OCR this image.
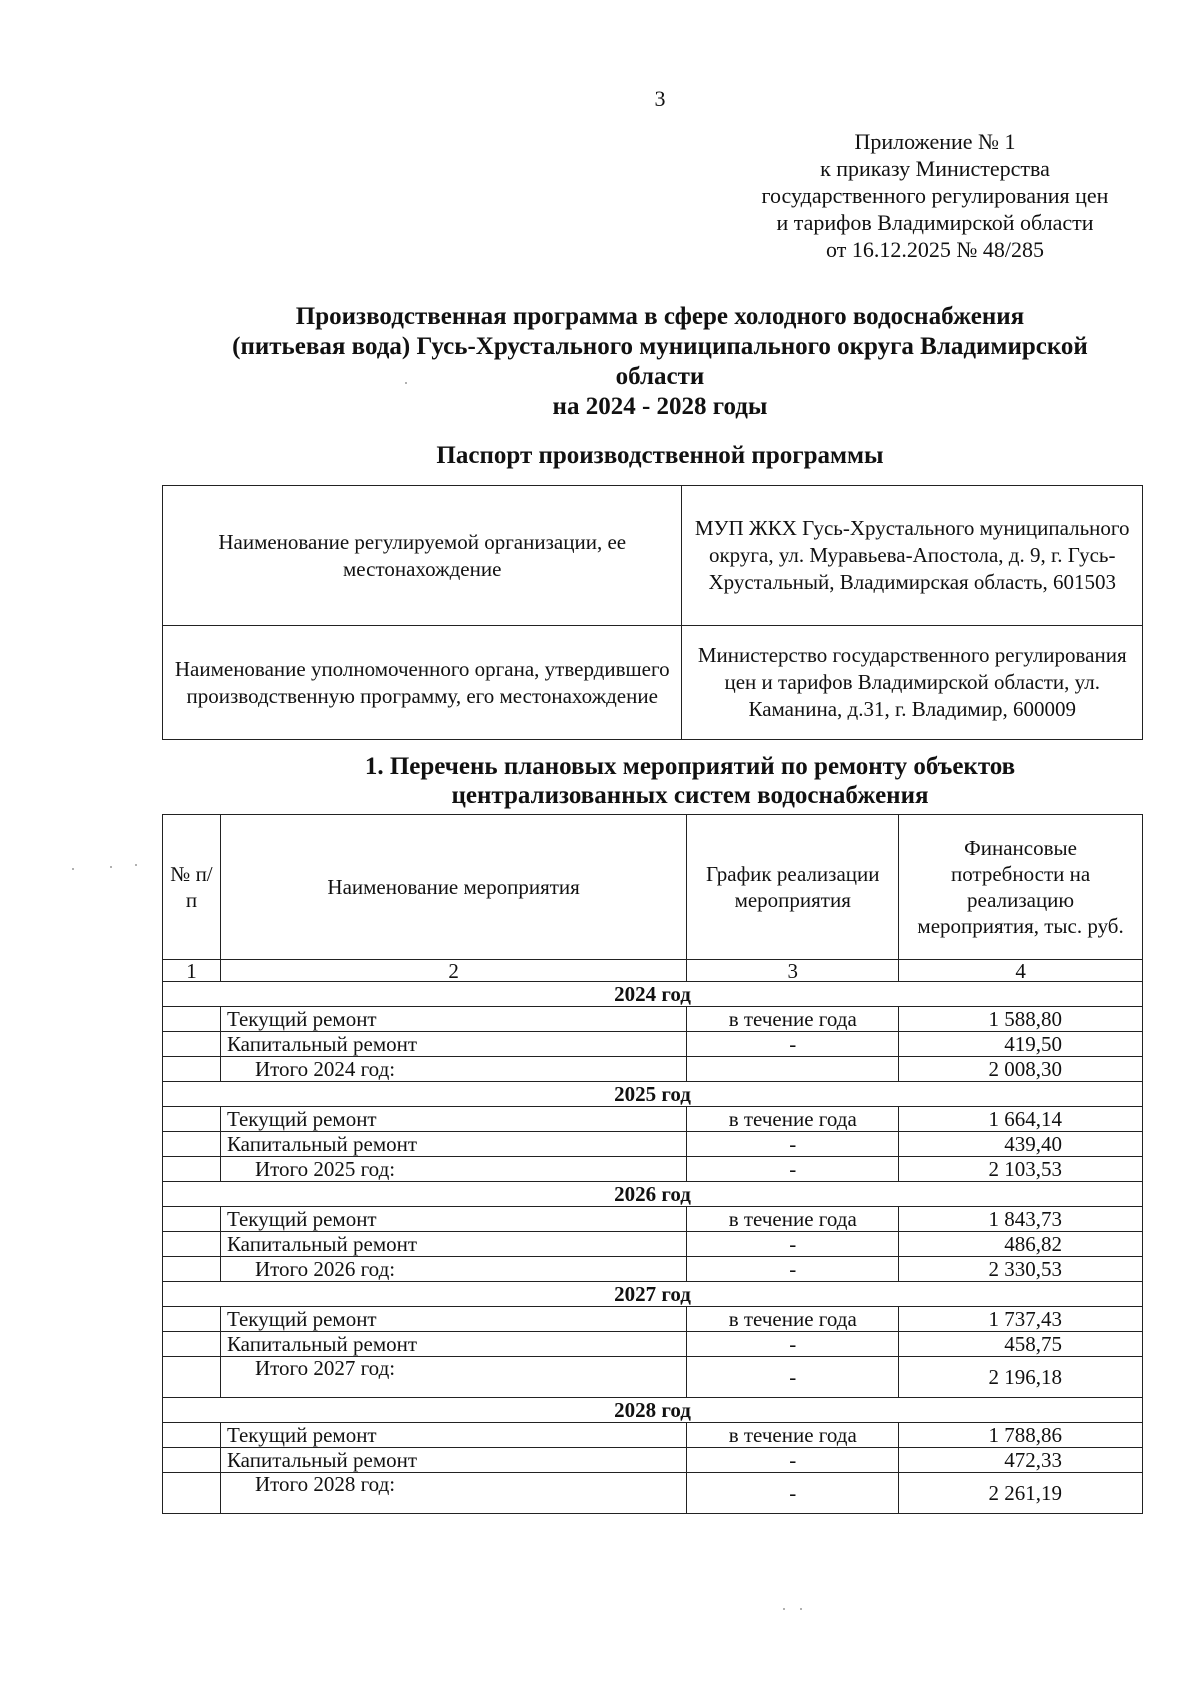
3
Приложение № 1
к приказу Министерства
государственного регулирования цен
и тарифов Владимирской области
от 16.12.2025 № 48/285
Производственная программа в сфере холодного водоснабжения
(питьевая вода) Гусь-Хрустального муниципального округа Владимирской
области
на 2024 - 2028 годы
Паспорт производственной программы
Наименование регулируемой организации, ее местонахождение	МУП ЖКХ Гусь-Хрустального муниципального округа, ул. Муравьева-Апостола, д. 9, г. Гусь-Хрустальный, Владимирская область, 601503
Наименование уполномоченного органа, утвердившего производственную программу, его местонахождение	Министерство государственного регулирования цен и тарифов Владимирской области, ул. Каманина, д.31, г. Владимир, 600009
1. Перечень плановых мероприятий по ремонту объектов
централизованных систем водоснабжения
№ п/п	Наименование мероприятия	График реализации мероприятия	Финансовые потребности на реализацию мероприятия, тыс. руб.
1	2	3	4
2024 год			
	Текущий ремонт	в течение года	1 588,80
	Капитальный ремонт	-	419,50
	Итого 2024 год:		2 008,30
2025 год			
	Текущий ремонт	в течение года	1 664,14
	Капитальный ремонт	-	439,40
	Итого 2025 год:	-	2 103,53
2026 год			
	Текущий ремонт	в течение года	1 843,73
	Капитальный ремонт	-	486,82
	Итого 2026 год:	-	2 330,53
2027 год			
	Текущий ремонт	в течение года	1 737,43
	Капитальный ремонт	-	458,75
	Итого 2027 год:	-	2 196,18
2028 год			
	Текущий ремонт	в течение года	1 788,86
	Капитальный ремонт	-	472,33
	Итого 2028 год:	-	2 261,19
